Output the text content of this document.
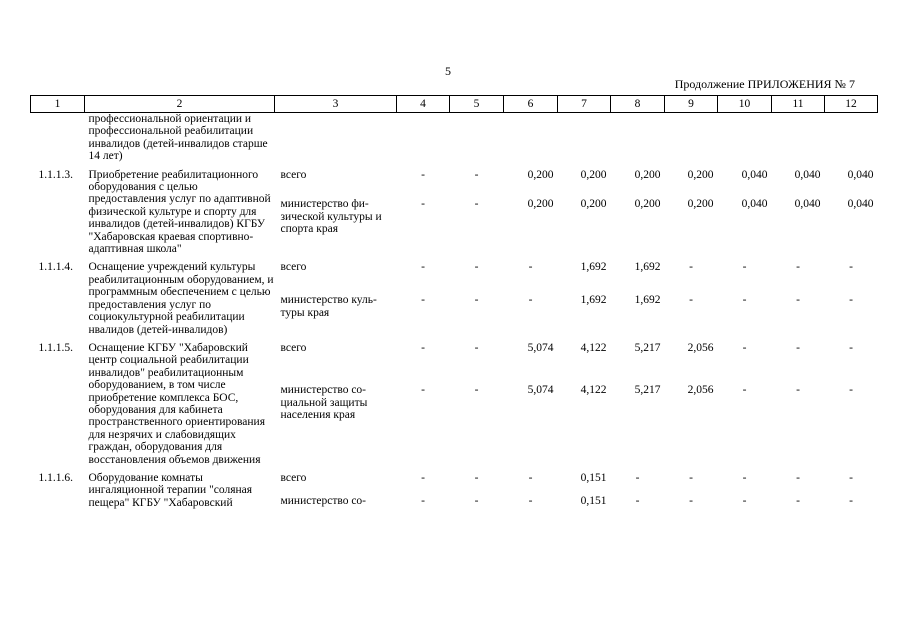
5
Продолжение ПРИЛОЖЕНИЯ № 7
1	2	3	4	5	6	7	8	9	10	11	12
	профессиональной ориентации и профессиональной реабилитации инвалидов (детей-инвалидов старше 14 лет)										

1.1.1.3.	Приобретение реабилитационного оборудования с целью предоставления услуг по адаптивной физической культуре и спорту для инвалидов (детей-инвалидов) КГБУ "Хабаровская краевая спортивно-адаптивная школа"	всего	-	-	0,200	0,200	0,200	0,200	0,040	0,040	0,040
		министерство фи-зической культуры и спорта края	-	-	0,200	0,200	0,200	0,200	0,040	0,040	0,040

1.1.1.4.	Оснащение учреждений культуры реабилитационным оборудованием, и программным обеспечением с целью предоставления услуг по социокультурной реабилитации нвалидов (детей-инвалидов)	всего	-	-	-	1,692	1,692	-	-	-	-
		министерство куль-туры края	-	-	-	1,692	1,692	-	-	-	-

1.1.1.5.	Оснащение КГБУ "Хабаровский центр социальной реабилитации инвалидов" реабилитационным оборудованием, в том числе приобретение комплекса БОС, оборудования для кабинета пространственного ориентирования для незрячих и слабовидящих граждан, оборудования для восстановления объемов движения	всего	-	-	5,074	4,122	5,217	2,056	-	-	-
		министерство со-циальной защиты населения края	-	-	5,074	4,122	5,217	2,056	-	-	-

1.1.1.6.	Оборудование комнаты ингаляционной терапии "соляная пещера" КГБУ "Хабаровский	всего	-	-	-	0,151	-	-	-	-	-
		министерство со-	-	-	-	0,151	-	-	-	-	-
